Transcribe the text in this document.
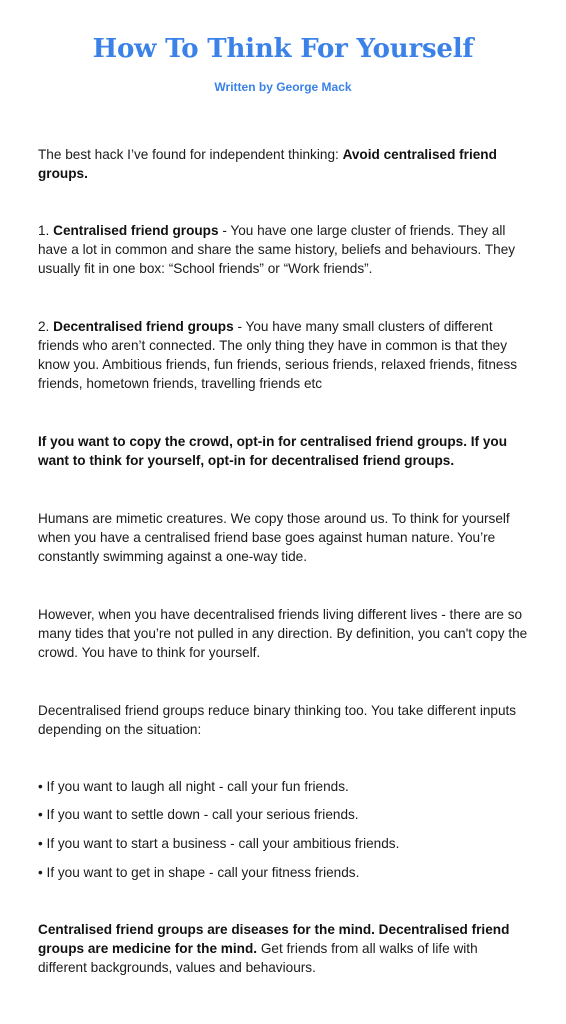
How To Think For Yourself

Written by George Mack

The best hack I’ve found for independent thinking: Avoid centralised friend groups.

1. Centralised friend groups - You have one large cluster of friends. They all have a lot in common and share the same history, beliefs and behaviours. They usually fit in one box: “School friends” or “Work friends”.

2. Decentralised friend groups - You have many small clusters of different friends who aren’t connected. The only thing they have in common is that they know you. Ambitious friends, fun friends, serious friends, relaxed friends, fitness friends, hometown friends, travelling friends etc

If you want to copy the crowd, opt-in for centralised friend groups. If you want to think for yourself, opt-in for decentralised friend groups.

Humans are mimetic creatures. We copy those around us. To think for yourself when you have a centralised friend base goes against human nature. You’re constantly swimming against a one-way tide.

However, when you have decentralised friends living different lives - there are so many tides that you’re not pulled in any direction. By definition, you can't copy the crowd. You have to think for yourself.

Decentralised friend groups reduce binary thinking too. You take different inputs depending on the situation:

• If you want to laugh all night - call your fun friends.

• If you want to settle down - call your serious friends.

• If you want to start a business - call your ambitious friends.

• If you want to get in shape - call your fitness friends.

Centralised friend groups are diseases for the mind. Decentralised friend groups are medicine for the mind. Get friends from all walks of life with different backgrounds, values and behaviours.
